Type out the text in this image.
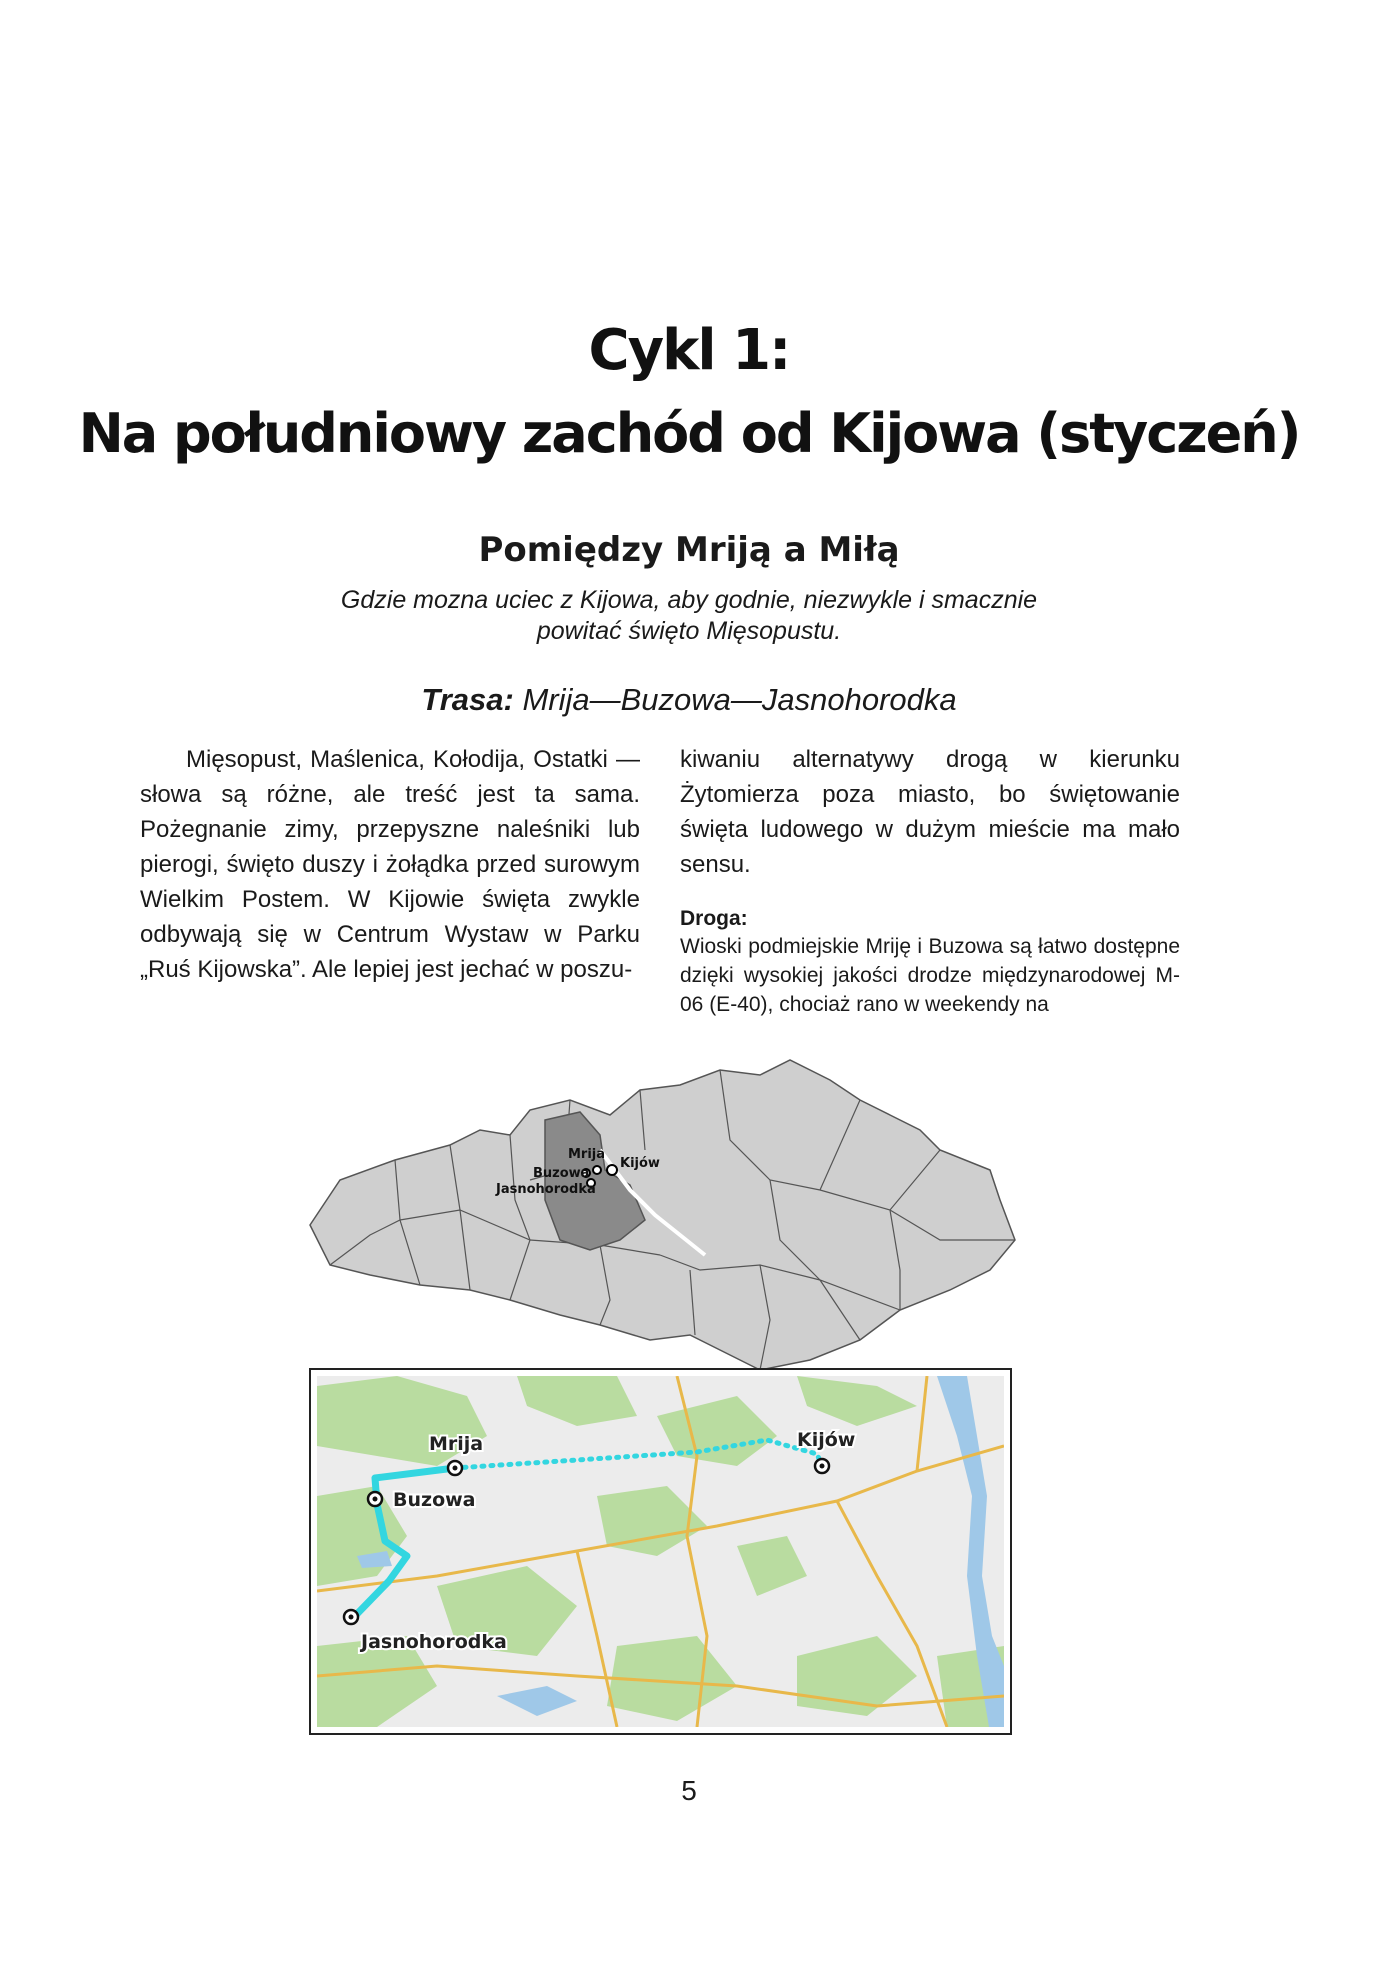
Cykl 1:
Na południowy zachód od Kijowa (styczeń)
Pomiędzy Mriją a Miłą
Gdzie mozna uciec z Kijowa, aby godnie, niezwykle i smacznie
powitać święto Mięsopustu.
Trasa: Mrija—Buzowa—Jasnohorodka
Mięsopust, Maślenica, Kołodija, Ostatki — słowa są różne, ale treść jest ta sama. Pożegnanie zimy, przepyszne naleśniki lub pierogi, święto duszy i żołądka przed surowym Wielkim Postem. W Kijowie święta zwykle odbywają się w Centrum Wystaw w Parku „Ruś Kijowska”. Ale lepiej jest jechać w poszu-
kiwaniu alternatywy drogą w kierunku Żytomierza poza miasto, bo świętowanie święta ludowego w dużym mieście ma mało sensu.
Droga:
Wioski podmiejskie Mriję i Buzowa są łatwo dostępne dzięki wysokiej jakości drodze międzynarodowej M-06 (E-40), chociaż rano w weekendy na
Mrija
Buzowa
Kijów
Jasnohorodka
Mrija
Buzowa
Kijów
Jasnohorodka
5
